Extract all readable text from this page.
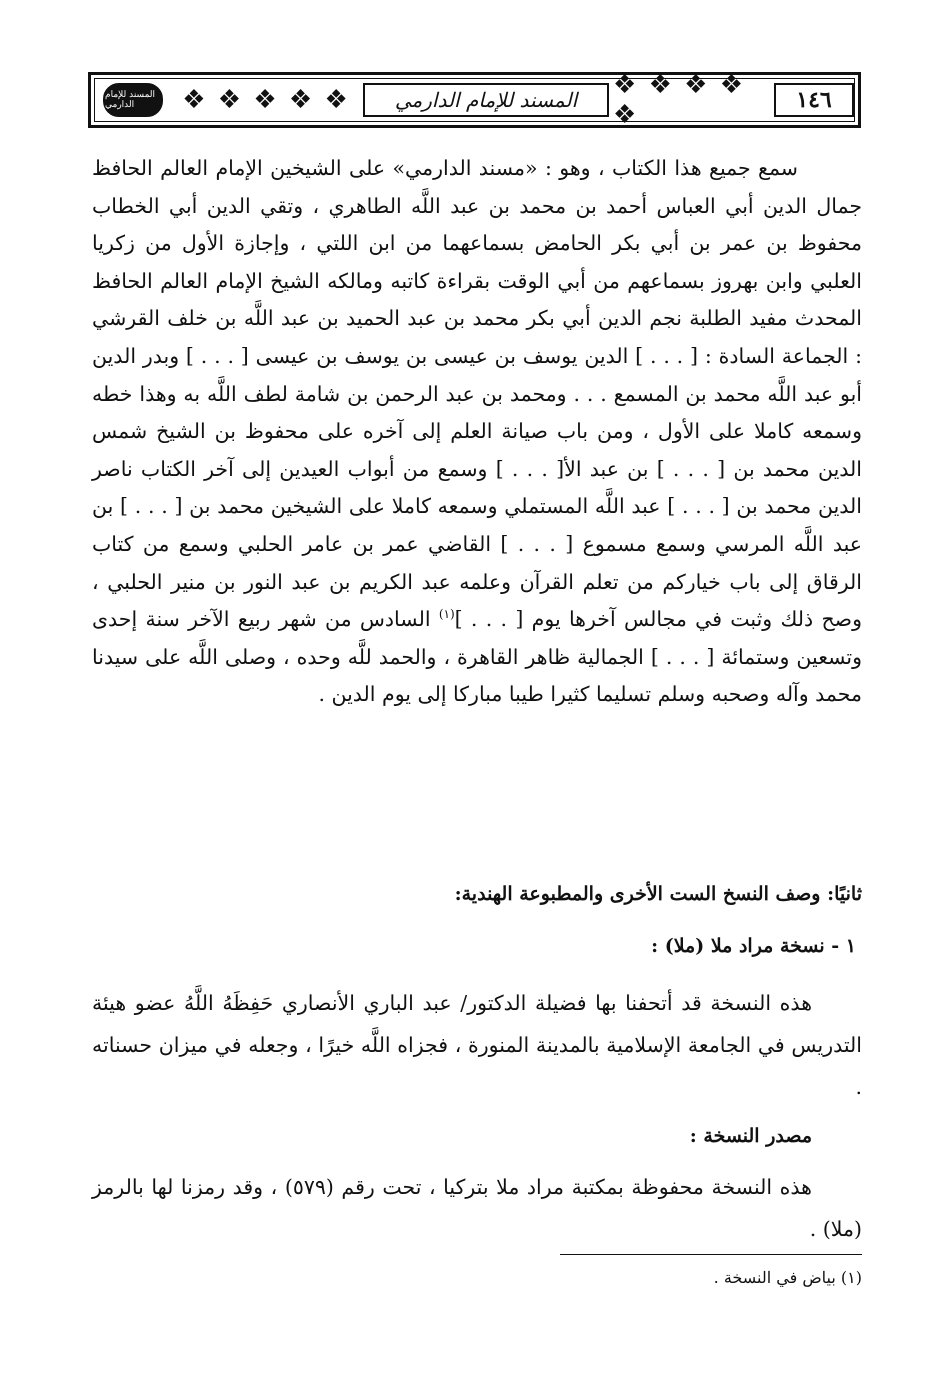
المسند للإمام الدارمي	❖ ❖ ❖ ❖ ❖	المسند للإمام الدارمي	❖ ❖ ❖ ❖ ❖	١٤٦

سمع جميع هذا الكتاب ، وهو : «مسند الدارمي» على الشيخين الإمام العالم الحافظ جمال الدين أبي العباس أحمد بن محمد بن عبد اللَّه الطاهري ، وتقي الدين أبي الخطاب محفوظ بن عمر بن أبي بكر الحامض بسماعهما من ابن اللتي ، وإجازة الأول من زكريا العلبي وابن بهروز بسماعهم من أبي الوقت بقراءة كاتبه ومالكه الشيخ الإمام العالم الحافظ المحدث مفيد الطلبة نجم الدين أبي بكر محمد بن عبد الحميد بن عبد اللَّه بن خلف القرشي : الجماعة السادة : [ . . . ] الدين يوسف بن عيسى بن يوسف بن عيسى [ . . . ] وبدر الدين أبو عبد اللَّه محمد بن المسمع . . . ومحمد بن عبد الرحمن بن شامة لطف اللَّه به وهذا خطه وسمعه كاملا على الأول ، ومن باب صيانة العلم إلى آخره على محفوظ بن الشيخ شمس الدين محمد بن [ . . . ] بن عبد الأ[ . . . ] وسمع من أبواب العيدين إلى آخر الكتاب ناصر الدين محمد بن [ . . . ] عبد اللَّه المستملي وسمعه كاملا على الشيخين محمد بن [ . . . ] بن عبد اللَّه المرسي وسمع مسموع [ . . . ] القاضي عمر بن عامر الحلبي وسمع من كتاب الرقاق إلى باب خياركم من تعلم القرآن وعلمه عبد الكريم بن عبد النور بن منير الحلبي ، وصح ذلك وثبت في مجالس آخرها يوم [ . . . ]$^{(١)}$ السادس من شهر ربيع الآخر سنة إحدى وتسعين وستمائة [ . . . ] الجمالية ظاهر القاهرة ، والحمد للَّه وحده ، وصلى اللَّه على سيدنا محمد وآله وصحبه وسلم تسليما كثيرا طيبا مباركا إلى يوم الدين .

ثانيًا: وصف النسخ الست الأخرى والمطبوعة الهندية:
١ - نسخة مراد ملا (ملا) :

هذه النسخة قد أتحفنا بها فضيلة الدكتور/ عبد الباري الأنصاري حَفِظَهُ اللَّهُ عضو هيئة التدريس في الجامعة الإسلامية بالمدينة المنورة ، فجزاه اللَّه خيرًا ، وجعله في ميزان حسناته .

مصدر النسخة :

هذه النسخة محفوظة بمكتبة مراد ملا بتركيا ، تحت رقم (٥٧٩) ، وقد رمزنا لها بالرمز (ملا) .

(١) بياض في النسخة .
